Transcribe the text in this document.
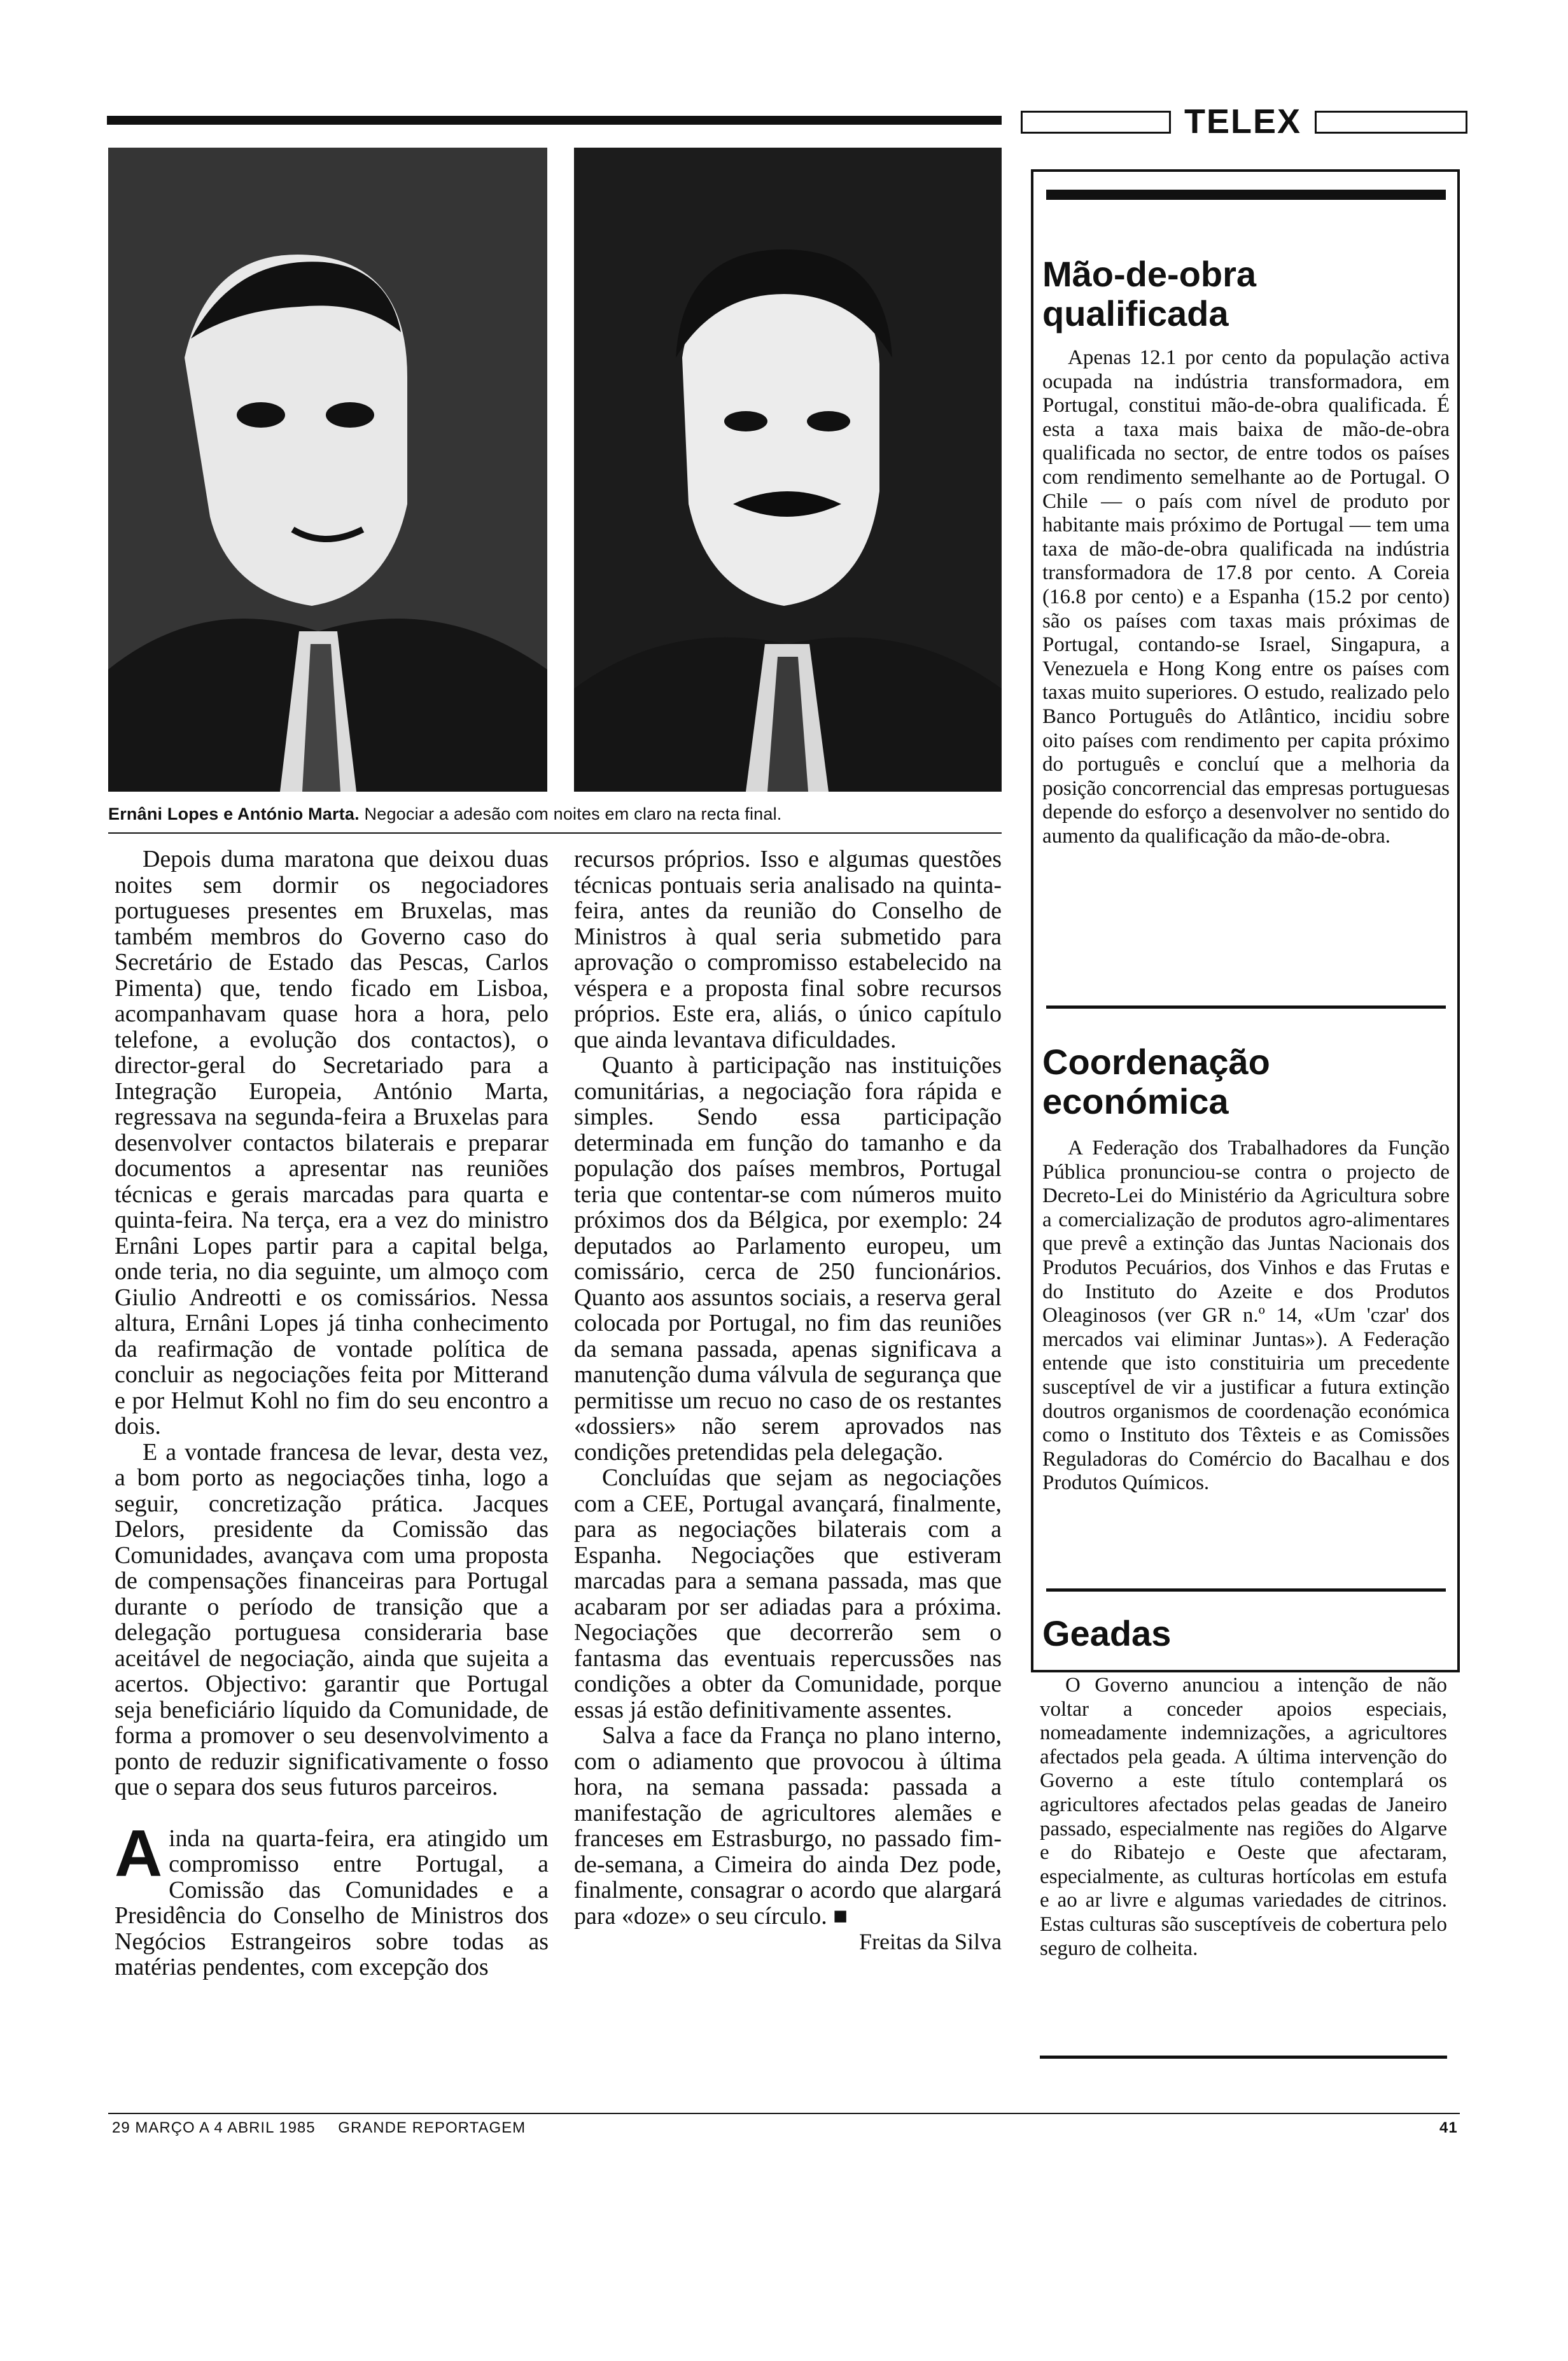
TELEX
Ernâni Lopes e António Marta. Negociar a adesão com noites em claro na recta final.

Depois duma maratona que deixou duas noites sem dormir os negociadores portugueses presentes em Bruxelas, mas também membros do Governo caso do Secretário de Estado das Pescas, Carlos Pimenta) que, tendo ficado em Lisboa, acompanhavam quase hora a hora, pelo telefone, a evolução dos contactos), o director-geral do Secretariado para a Integração Europeia, António Marta, regressava na segunda-feira a Bruxelas para desenvolver contactos bilaterais e preparar documentos a apresentar nas reuniões técnicas e gerais marcadas para quarta e quinta-feira. Na terça, era a vez do ministro Ernâni Lopes partir para a capital belga, onde teria, no dia seguinte, um almoço com Giulio Andreotti e os comissários. Nessa altura, Ernâni Lopes já tinha conhecimento da reafirmação de vontade política de concluir as negociações feita por Mitterand e por Helmut Kohl no fim do seu encontro a dois.

E a vontade francesa de levar, desta vez, a bom porto as negociações tinha, logo a seguir, concretização prática. Jacques Delors, presidente da Comissão das Comunidades, avançava com uma proposta de compensações financeiras para Portugal durante o período de transição que a delegação portuguesa consideraria base aceitável de negociação, ainda que sujeita a acertos. Objectivo: garantir que Portugal seja beneficiário líquido da Comunidade, de forma a promover o seu desenvolvimento a ponto de reduzir significativamente o fosso que o separa dos seus futuros parceiros.

Ainda na quarta-feira, era atingido um compromisso entre Portugal, a Comissão das Comunidades e a Presidência do Conselho de Ministros dos Negócios Estrangeiros sobre todas as matérias pendentes, com excepção dos

recursos próprios. Isso e algumas questões técnicas pontuais seria analisado na quinta-feira, antes da reunião do Conselho de Ministros à qual seria submetido para aprovação o compromisso estabelecido na véspera e a proposta final sobre recursos próprios. Este era, aliás, o único capítulo que ainda levantava dificuldades.

Quanto à participação nas instituições comunitárias, a negociação fora rápida e simples. Sendo essa participação determinada em função do tamanho e da população dos países membros, Portugal teria que contentar-se com números muito próximos dos da Bélgica, por exemplo: 24 deputados ao Parlamento europeu, um comissário, cerca de 250 funcionários. Quanto aos assuntos sociais, a reserva geral colocada por Portugal, no fim das reuniões da semana passada, apenas significava a manutenção duma válvula de segurança que permitisse um recuo no caso de os restantes «dossiers» não serem aprovados nas condições pretendidas pela delegação.

Concluídas que sejam as negociações com a CEE, Portugal avançará, finalmente, para as negociações bilaterais com a Espanha. Negociações que estiveram marcadas para a semana passada, mas que acabaram por ser adiadas para a próxima. Negociações que decorrerão sem o fantasma das eventuais repercussões nas condições a obter da Comunidade, porque essas já estão definitivamente assentes.

Salva a face da França no plano interno, com o adiamento que provocou à última hora, na semana passada: passada a manifestação de agricultores alemães e franceses em Estrasburgo, no passado fim-de-semana, a Cimeira do ainda Dez pode, finalmente, consagrar o acordo que alargará para «doze» o seu círculo. ■
Freitas da Silva

Mão-de-obra qualificada

Apenas 12.1 por cento da população activa ocupada na indústria transformadora, em Portugal, constitui mão-de-obra qualificada. É esta a taxa mais baixa de mão-de-obra qualificada no sector, de entre todos os países com rendimento semelhante ao de Portugal. O Chile — o país com nível de produto por habitante mais próximo de Portugal — tem uma taxa de mão-de-obra qualificada na indústria transformadora de 17.8 por cento. A Coreia (16.8 por cento) e a Espanha (15.2 por cento) são os países com taxas mais próximas de Portugal, contando-se Israel, Singapura, a Venezuela e Hong Kong entre os países com taxas muito superiores. O estudo, realizado pelo Banco Português do Atlântico, incidiu sobre oito países com rendimento per capita próximo do português e concluí que a melhoria da posição concorrencial das empresas portuguesas depende do esforço a desenvolver no sentido do aumento da qualificação da mão-de-obra.

Coordenação económica

A Federação dos Trabalhadores da Função Pública pronunciou-se contra o projecto de Decreto-Lei do Ministério da Agricultura sobre a comercialização de produtos agro-alimentares que prevê a extinção das Juntas Nacionais dos Produtos Pecuários, dos Vinhos e das Frutas e do Instituto do Azeite e dos Produtos Oleaginosos (ver GR n.º 14, «Um 'czar' dos mercados vai eliminar Juntas»). A Federação entende que isto constituiria um precedente susceptível de vir a justificar a futura extinção doutros organismos de coordenação económica como o Instituto dos Têxteis e as Comissões Reguladoras do Comércio do Bacalhau e dos Produtos Químicos.

Geadas

O Governo anunciou a intenção de não voltar a conceder apoios especiais, nomeadamente indemnizações, a agricultores afectados pela geada. A última intervenção do Governo a este título contemplará os agricultores afectados pelas geadas de Janeiro passado, especialmente nas regiões do Algarve e do Ribatejo e Oeste que afectaram, especialmente, as culturas hortícolas em estufa e ao ar livre e algumas variedades de citrinos. Estas culturas são susceptíveis de cobertura pelo seguro de colheita.

29 MARÇO A 4 ABRIL 1985 GRANDE REPORTAGEM	41
